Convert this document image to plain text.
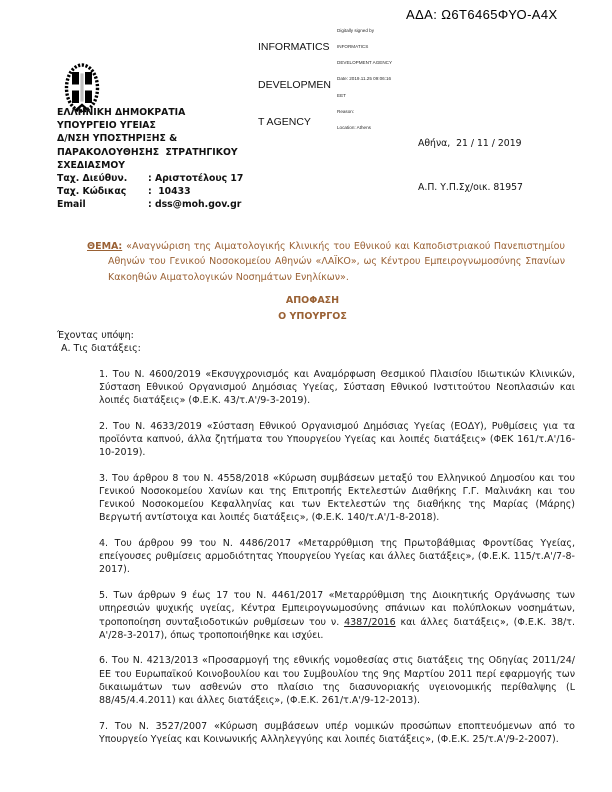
ΑΔΑ: Ω6Τ6465ΦΥΟ-Α4Χ

INFORMATICS

DEVELOPMEN

T AGENCY

Digitally signed by

INFORMATICS

DEVELOPMENT AGENCY

Date: 2019.11.25 09:06:16

EET

Reason:

Location: Athens

ΕΛΛΗΝΙΚΗ ΔΗΜΟΚΡΑΤΙΑ
ΥΠΟΥΡΓΕΙΟ ΥΓΕΙΑΣ
Δ/ΝΣΗ ΥΠΟΣΤΗΡΙΞΗΣ &
ΠΑΡΑΚΟΛΟΥΘΗΣΗΣ  ΣΤΡΑΤΗΓΙΚΟΥ
ΣΧΕΔΙΑΣΜΟΥ
Ταχ. Διεύθυν.	: Αριστοτέλους 17
Ταχ. Κώδικας	:  10433
Email	: dss@moh.gov.gr

Αθήνα,  21 / 11 / 2019

Α.Π. Υ.Π.Σχ/οικ. 81957

ΘΕΜΑ: «Αναγνώριση της Αιματολογικής Κλινικής του Εθνικού και Καποδιστριακού Πανεπιστημίου Αθηνών του Γενικού Νοσοκομείου Αθηνών «ΛΑΪΚΟ», ως Κέντρου Εμπειρογνωμοσύνης Σπανίων Κακοηθών Αιματολογικών Νοσημάτων Ενηλίκων».

ΑΠΟΦΑΣΗ

Ο ΥΠΟΥΡΓΟΣ

Έχοντας υπόψη:

Α. Τις διατάξεις:

1. Του Ν. 4600/2019 «Εκσυγχρονισμός και Αναμόρφωση Θεσμικού Πλαισίου Ιδιωτικών Κλινικών, Σύσταση Εθνικού Οργανισμού Δημόσιας Υγείας, Σύσταση Εθνικού Ινστιτούτου Νεοπλασιών και λοιπές διατάξεις» (Φ.Ε.Κ. 43/τ.Α'/9-3-2019).

2. Του Ν. 4633/2019 «Σύσταση Εθνικού Οργανισμού Δημόσιας Υγείας (ΕΟΔΥ), Ρυθμίσεις για τα προϊόντα καπνού, άλλα ζητήματα του Υπουργείου Υγείας και λοιπές διατάξεις» (ΦΕΚ 161/τ.Α'/16-10-2019).

3. Του άρθρου 8 του Ν. 4558/2018 «Κύρωση συμβάσεων μεταξύ του Ελληνικού Δημοσίου και του Γενικού Νοσοκομείου Χανίων και της Επιτροπής Εκτελεστών Διαθήκης Γ.Γ. Μαλινάκη και του Γενικού Νοσοκομείου Κεφαλληνίας και των Εκτελεστών της διαθήκης της Μαρίας (Μάρης) Βεργωτή αντίστοιχα και λοιπές διατάξεις», (Φ.Ε.Κ. 140/τ.Α'/1-8-2018).

4. Του άρθρου 99 του Ν. 4486/2017 «Μεταρρύθμιση της Πρωτοβάθμιας Φροντίδας Υγείας, επείγουσες ρυθμίσεις αρμοδιότητας Υπουργείου Υγείας και άλλες διατάξεις», (Φ.Ε.Κ. 115/τ.Α'/7-8-2017).

5. Των άρθρων 9 έως 17 του Ν. 4461/2017 «Μεταρρύθμιση της Διοικητικής Οργάνωσης των υπηρεσιών ψυχικής υγείας, Κέντρα Εμπειρογνωμοσύνης σπάνιων και πολύπλοκων νοσημάτων, τροποποίηση συνταξιοδοτικών ρυθμίσεων του ν. 4387/2016 και άλλες διατάξεις», (Φ.Ε.Κ. 38/τ. Α'/28-3-2017), όπως τροποποιήθηκε και ισχύει.

6. Του Ν. 4213/2013 «Προσαρμογή της εθνικής νομοθεσίας στις διατάξεις της Οδηγίας 2011/24/ΕΕ του Ευρωπαϊκού Κοινοβουλίου και του Συμβουλίου της 9ης Μαρτίου 2011 περί εφαρμογής των δικαιωμάτων των ασθενών στο πλαίσιο της διασυνοριακής υγειονομικής περίθαλψης (L 88/45/4.4.2011) και άλλες διατάξεις», (Φ.Ε.Κ. 261/τ.Α'/9-12-2013).

7. Του Ν. 3527/2007 «Κύρωση συμβάσεων υπέρ νομικών προσώπων εποπτευόμενων από το Υπουργείο Υγείας και Κοινωνικής Αλληλεγγύης και λοιπές διατάξεις», (Φ.Ε.Κ. 25/τ.Α'/9-2-2007).
